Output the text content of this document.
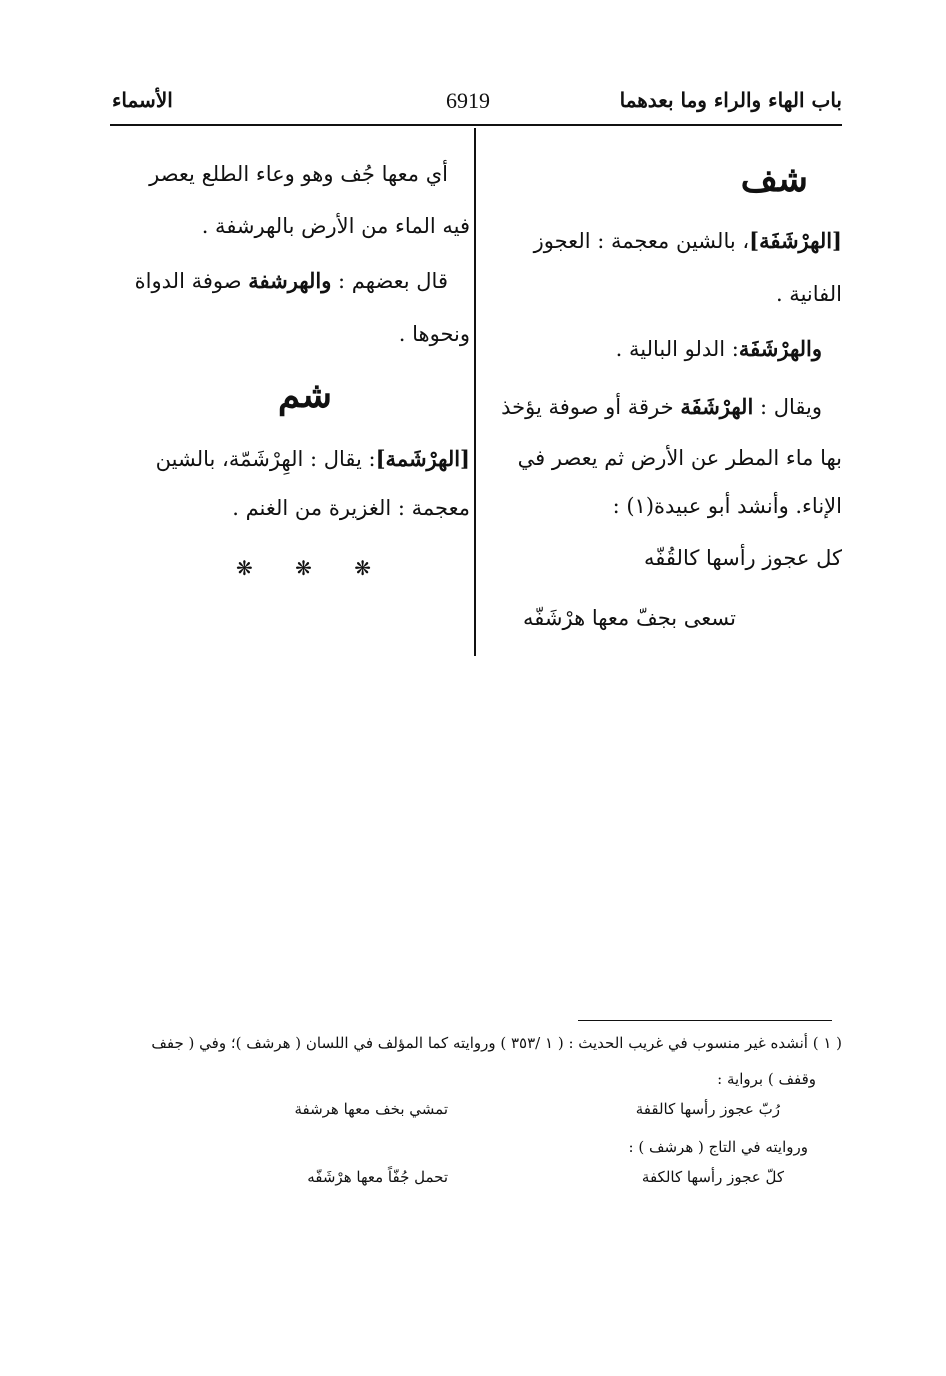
باب الهاء والراء وما بعدهما
6919
الأسماء
شف
[الهرْشَفَة]، بالشين معجمة : العجوز
الفانية .
والهرْشَفَة: الدلو البالية .
ويقال : الهرْشَفَة خرقة أو صوفة يؤخذ
بها ماء المطر عن الأرض ثم يعصر في
الإناء. وأنشد أبو عبيدة(١) :
كل عجوز رأسها كالقُفّه
تسعى بجفّ معها هرْشَفّه
أي معها جُف وهو وعاء الطلع يعصر
فيه الماء من الأرض بالهرشفة .
قال بعضهم : والهرشفة صوفة الدواة
ونحوها .
شم
[الهرْشَمة]: يقال : الهِرْشَمّة، بالشين
معجمة : الغزيرة من الغنم .
❋ ❋ ❋
( ١ ) أنشده غير منسوب في غريب الحديث : ( ١ /٣٥٣ ) وروايته كما المؤلف في اللسان ( هرشف )؛ وفي ( جفف
وقفف ) برواية :
رُبّ عجوز رأسها كالقفة
تمشي بخف معها هرشفة
وروايته في التاج ( هرشف ) :
كلّ عجوز رأسها كالكفة
تحمل جُفّاً معها هرْشَفّه
